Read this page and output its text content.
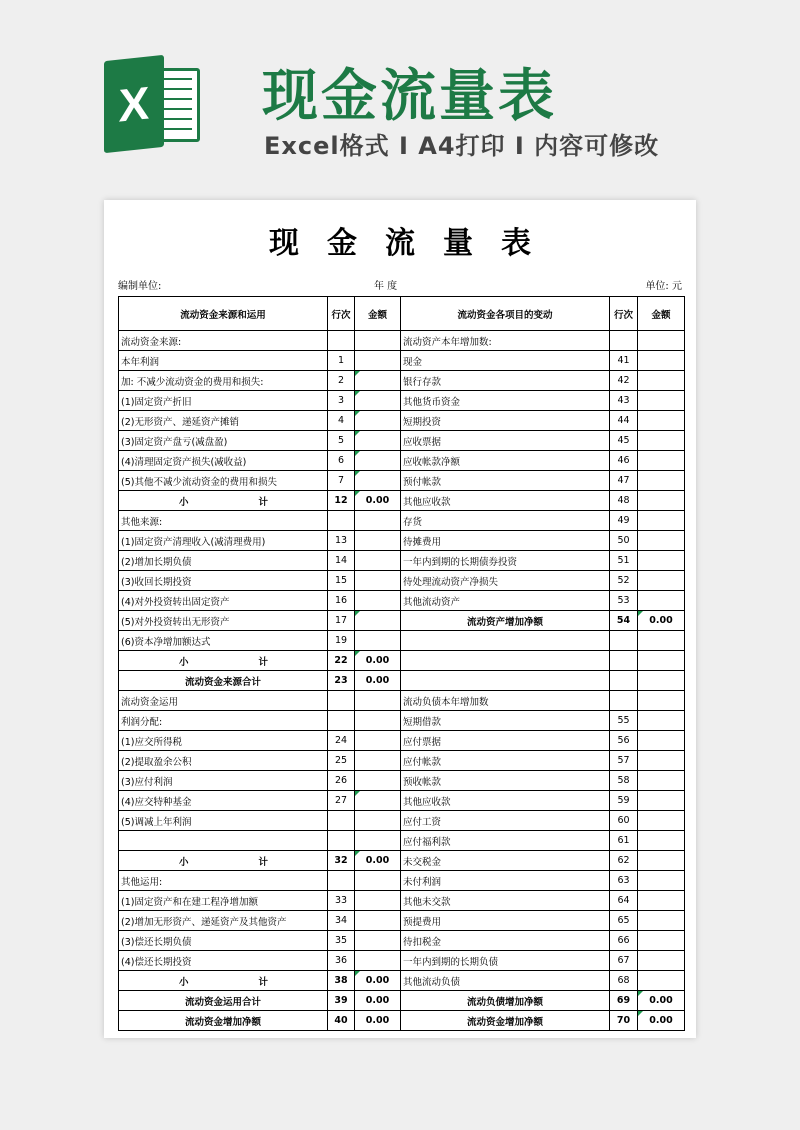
X 现金流量表
Excel格式 I A4打印 I 内容可修改
现金流量表
编制单位:	年 度	单位: 元
流动资金来源和运用	行次	金额	流动资金各项目的变动	行次	金额
流动资金来源:			流动资产本年增加数:		
本年利润	1		现金	41	
加: 不减少流动资金的费用和损失:	2		银行存款	42	
(1)固定资产折旧	3		其他货币资金	43	
(2)无形资产、递延资产摊销	4		短期投资	44	
(3)固定资产盘亏(减盘盈)	5		应收票据	45	
(4)清理固定资产损失(减收益)	6		应收帐款净额	46	
(5)其他不减少流动资金的费用和损失	7		预付帐款	47	
小 计	12	0.00	其他应收款	48	
其他来源:			存货	49	
(1)固定资产清理收入(减清理费用)	13		待摊费用	50	
(2)增加长期负债	14		一年内到期的长期债券投资	51	
(3)收回长期投资	15		待处理流动资产净损失	52	
(4)对外投资转出固定资产	16		其他流动资产	53	
(5)对外投资转出无形资产	17		流动资产增加净额	54	0.00
(6)资本净增加额达式	19				
小 计	22	0.00			
流动资金来源合计	23	0.00			
流动资金运用			流动负债本年增加数		
利润分配:			短期借款	55	
(1)应交所得税	24		应付票据	56	
(2)提取盈余公积	25		应付帐款	57	
(3)应付利润	26		预收帐款	58	
(4)应交特种基金	27		其他应收款	59	
(5)调减上年利润			应付工资	60	
			应付福利款	61	
小 计	32	0.00	未交税金	62	
其他运用:			未付利润	63	
(1)固定资产和在建工程净增加额	33		其他未交款	64	
(2)增加无形资产、递延资产及其他资产	34		预提费用	65	
(3)偿还长期负债	35		待扣税金	66	
(4)偿还长期投资	36		一年内到期的长期负债	67	
小 计	38	0.00	其他流动负债	68	
流动资金运用合计	39	0.00	流动负债增加净额	69	0.00
流动资金增加净额	40	0.00	流动资金增加净额	70	0.00
